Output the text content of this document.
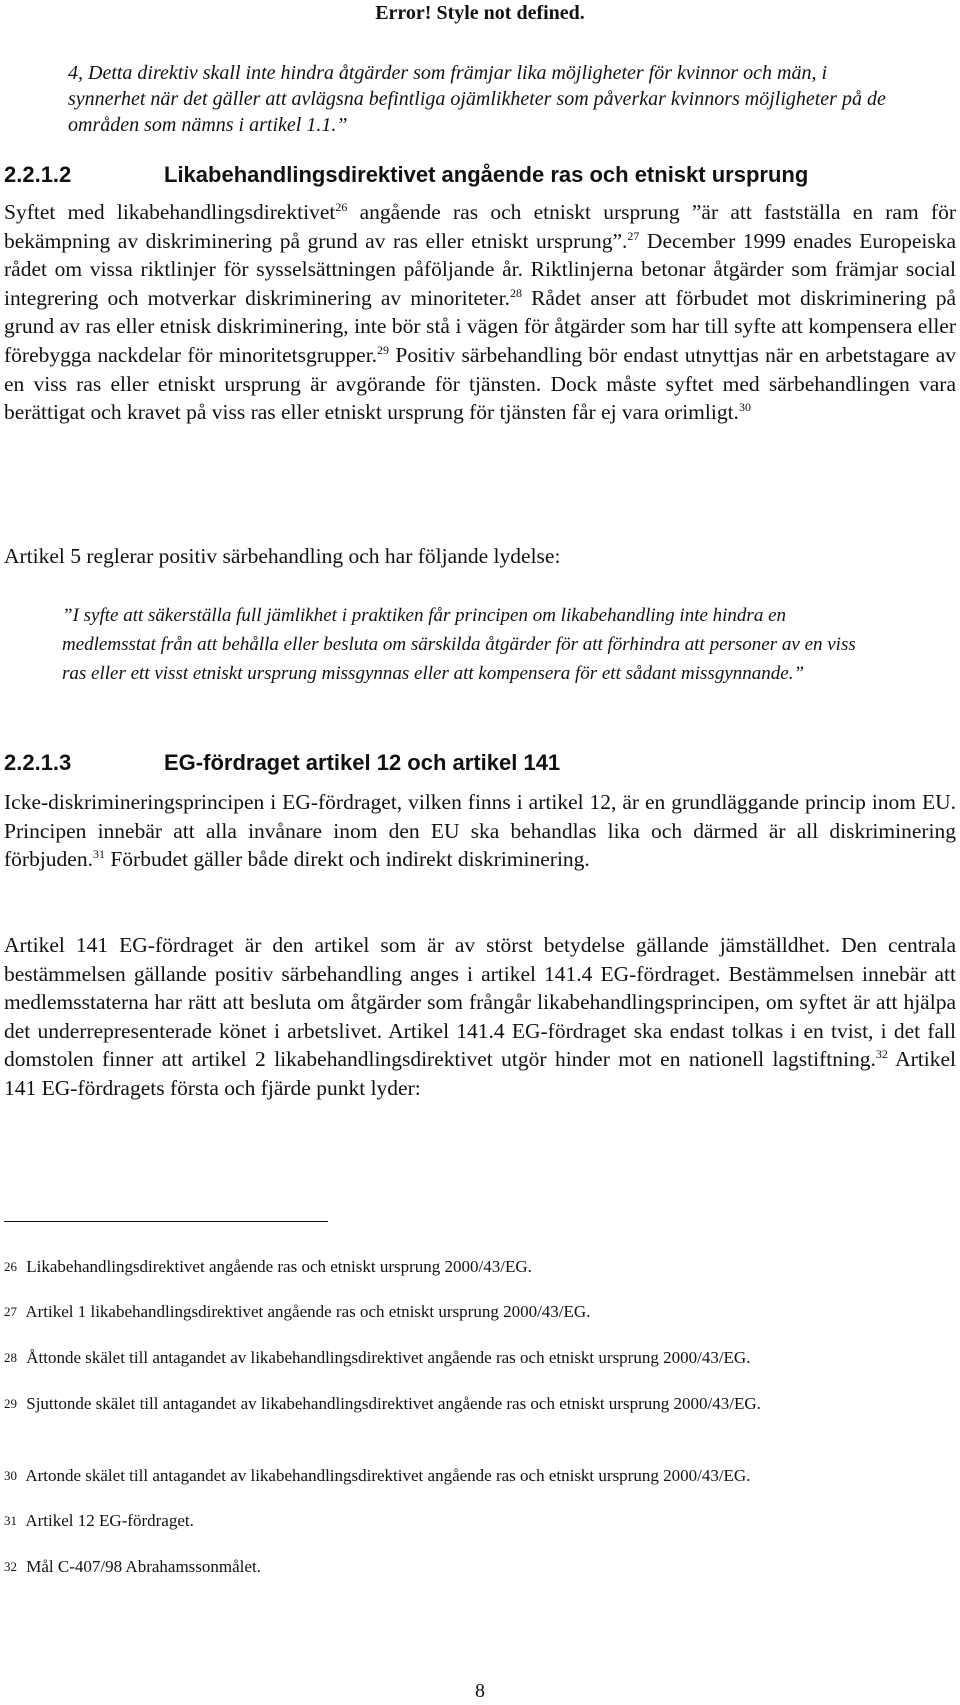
Error! Style not defined.
4, Detta direktiv skall inte hindra åtgärder som främjar lika möjligheter för kvinnor och män, i synnerhet när det gäller att avlägsna befintliga ojämlikheter som påverkar kvinnors möjligheter på de områden som nämns i artikel 1.1.”
2.2.1.2	Likabehandlingsdirektivet angående ras och etniskt ursprung

Syftet med likabehandlingsdirektivet$^{26}$ angående ras och etniskt ursprung ”är att fastställa en ram för bekämpning av diskriminering på grund av ras eller etniskt ursprung”.$^{27}$ December 1999 enades Europeiska rådet om vissa riktlinjer för sysselsättningen påföljande år. Riktlinjerna betonar åtgärder som främjar social integrering och motverkar diskriminering av minoriteter.$^{28}$ Rådet anser att förbudet mot diskriminering på grund av ras eller etnisk diskriminering, inte bör stå i vägen för åtgärder som har till syfte att kompensera eller förebygga nackdelar för minoritetsgrupper.$^{29}$ Positiv särbehandling bör endast utnyttjas när en arbetstagare av en viss ras eller etniskt ursprung är avgörande för tjänsten. Dock måste syftet med särbehandlingen vara berättigat och kravet på viss ras eller etniskt ursprung för tjänsten får ej vara orimligt.$^{30}$

Artikel 5 reglerar positiv särbehandling och har följande lydelse:

”I syfte att säkerställa full jämlikhet i praktiken får principen om likabehandling inte hindra en medlemsstat från att behålla eller besluta om särskilda åtgärder för att förhindra att personer av en viss ras eller ett visst etniskt ursprung missgynnas eller att kompensera för ett sådant missgynnande.”
2.2.1.3	EG-fördraget artikel 12 och artikel 141

Icke-diskrimineringsprincipen i EG-fördraget, vilken finns i artikel 12, är en grundläggande princip inom EU. Principen innebär att alla invånare inom den EU ska behandlas lika och därmed är all diskriminering förbjuden.$^{31}$ Förbudet gäller både direkt och indirekt diskriminering.

Artikel 141 EG-fördraget är den artikel som är av störst betydelse gällande jämställdhet. Den centrala bestämmelsen gällande positiv särbehandling anges i artikel 141.4 EG-fördraget. Bestämmelsen innebär att medlemsstaterna har rätt att besluta om åtgärder som frångår likabehandlingsprincipen, om syftet är att hjälpa det underrepresenterade könet i arbetslivet. Artikel 141.4 EG-fördraget ska endast tolkas i en tvist, i det fall domstolen finner att artikel 2 likabehandlingsdirektivet utgör hinder mot en nationell lagstiftning.$^{32}$ Artikel 141 EG-fördragets första och fjärde punkt lyder:

26 Likabehandlingsdirektivet angående ras och etniskt ursprung 2000/43/EG.

27 Artikel 1 likabehandlingsdirektivet angående ras och etniskt ursprung 2000/43/EG.

28 Åttonde skälet till antagandet av likabehandlingsdirektivet angående ras och etniskt ursprung 2000/43/EG.

29 Sjuttonde skälet till antagandet av likabehandlingsdirektivet angående ras och etniskt ursprung 2000/43/EG.

30 Artonde skälet till antagandet av likabehandlingsdirektivet angående ras och etniskt ursprung 2000/43/EG.

31 Artikel 12 EG-fördraget.

32 Mål C-407/98 Abrahamssonmålet.

8
